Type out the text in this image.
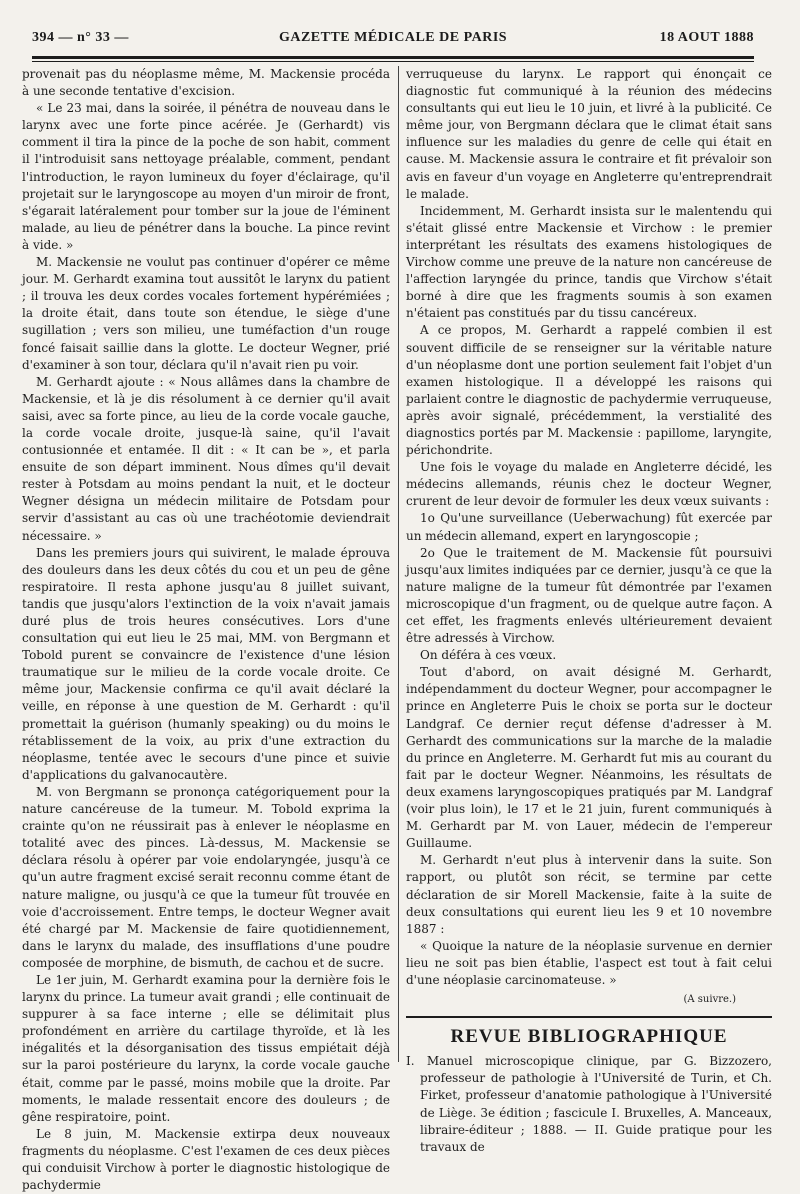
394 — n° 33 —	GAZETTE MÉDICALE DE PARIS	18 AOUT 1888

provenait pas du néoplasme même, M. Mackensie procéda à une seconde tentative d'excision.

« Le 23 mai, dans la soirée, il pénétra de nouveau dans le larynx avec une forte pince acérée. Je (Gerhardt) vis comment il tira la pince de la poche de son habit, comment il l'introduisit sans nettoyage préalable, comment, pendant l'introduction, le rayon lumineux du foyer d'éclairage, qu'il projetait sur le laryngoscope au moyen d'un miroir de front, s'égarait latéralement pour tomber sur la joue de l'éminent malade, au lieu de pénétrer dans la bouche. La pince revint à vide. »

M. Mackensie ne voulut pas continuer d'opérer ce même jour. M. Gerhardt examina tout aussitôt le larynx du patient ; il trouva les deux cordes vocales fortement hypérémiées ; la droite était, dans toute son étendue, le siège d'une sugillation ; vers son milieu, une tuméfaction d'un rouge foncé faisait saillie dans la glotte. Le docteur Wegner, prié d'examiner à son tour, déclara qu'il n'avait rien pu voir.

M. Gerhardt ajoute : « Nous allâmes dans la chambre de Mackensie, et là je dis résolument à ce dernier qu'il avait saisi, avec sa forte pince, au lieu de la corde vocale gauche, la corde vocale droite, jusque-là saine, qu'il l'avait contusionnée et entamée. Il dit : « It can be », et parla ensuite de son départ imminent. Nous dîmes qu'il devait rester à Potsdam au moins pendant la nuit, et le docteur Wegner désigna un médecin militaire de Potsdam pour servir d'assistant au cas où une trachéotomie deviendrait nécessaire. »

Dans les premiers jours qui suivirent, le malade éprouva des douleurs dans les deux côtés du cou et un peu de gêne respiratoire. Il resta aphone jusqu'au 8 juillet suivant, tandis que jusqu'alors l'extinction de la voix n'avait jamais duré plus de trois heures consécutives. Lors d'une consultation qui eut lieu le 25 mai, MM. von Bergmann et Tobold purent se convaincre de l'existence d'une lésion traumatique sur le milieu de la corde vocale droite. Ce même jour, Mackensie confirma ce qu'il avait déclaré la veille, en réponse à une question de M. Gerhardt : qu'il promettait la guérison (humanly speaking) ou du moins le rétablissement de la voix, au prix d'une extraction du néoplasme, tentée avec le secours d'une pince et suivie d'applications du galvanocautère.

M. von Bergmann se prononça catégoriquement pour la nature cancéreuse de la tumeur. M. Tobold exprima la crainte qu'on ne réussirait pas à enlever le néoplasme en totalité avec des pinces. Là-dessus, M. Mackensie se déclara résolu à opérer par voie endolaryngée, jusqu'à ce qu'un autre fragment excisé serait reconnu comme étant de nature maligne, ou jusqu'à ce que la tumeur fût trouvée en voie d'accroissement. Entre temps, le docteur Wegner avait été chargé par M. Mackensie de faire quotidiennement, dans le larynx du malade, des insufflations d'une poudre composée de morphine, de bismuth, de cachou et de sucre.

Le 1er juin, M. Gerhardt examina pour la dernière fois le larynx du prince. La tumeur avait grandi ; elle continuait de suppurer à sa face interne ; elle se délimitait plus profondément en arrière du cartilage thyroïde, et là les inégalités et la désorganisation des tissus empiétait déjà sur la paroi postérieure du larynx, la corde vocale gauche était, comme par le passé, moins mobile que la droite. Par moments, le malade ressentait encore des douleurs ; de gêne respiratoire, point.

Le 8 juin, M. Mackensie extirpa deux nouveaux fragments du néoplasme. C'est l'examen de ces deux pièces qui conduisit Virchow à porter le diagnostic histologique de pachydermie

verruqueuse du larynx. Le rapport qui énonçait ce diagnostic fut communiqué à la réunion des médecins consultants qui eut lieu le 10 juin, et livré à la publicité. Ce même jour, von Bergmann déclara que le climat était sans influence sur les maladies du genre de celle qui était en cause. M. Mackensie assura le contraire et fit prévaloir son avis en faveur d'un voyage en Angleterre qu'entreprendrait le malade.

Incidemment, M. Gerhardt insista sur le malentendu qui s'était glissé entre Mackensie et Virchow : le premier interprétant les résultats des examens histologiques de Virchow comme une preuve de la nature non cancéreuse de l'affection laryngée du prince, tandis que Virchow s'était borné à dire que les fragments soumis à son examen n'étaient pas constitués par du tissu cancéreux.

A ce propos, M. Gerhardt a rappelé combien il est souvent difficile de se renseigner sur la véritable nature d'un néoplasme dont une portion seulement fait l'objet d'un examen histologique. Il a développé les raisons qui parlaient contre le diagnostic de pachydermie verruqueuse, après avoir signalé, précédemment, la verstialité des diagnostics portés par M. Mackensie : papillome, laryngite, périchondrite.

Une fois le voyage du malade en Angleterre décidé, les médecins allemands, réunis chez le docteur Wegner, crurent de leur devoir de formuler les deux vœux suivants :

1o Qu'une surveillance (Ueberwachung) fût exercée par un médecin allemand, expert en laryngoscopie ;

2o Que le traitement de M. Mackensie fût poursuivi jusqu'aux limites indiquées par ce dernier, jusqu'à ce que la nature maligne de la tumeur fût démontrée par l'examen microscopique d'un fragment, ou de quelque autre façon. A cet effet, les fragments enlevés ultérieurement devaient être adressés à Virchow.

On déféra à ces vœux.

Tout d'abord, on avait désigné M. Gerhardt, indépendamment du docteur Wegner, pour accompagner le prince en Angleterre Puis le choix se porta sur le docteur Landgraf. Ce dernier reçut défense d'adresser à M. Gerhardt des communications sur la marche de la maladie du prince en Angleterre. M. Gerhardt fut mis au courant du fait par le docteur Wegner. Néanmoins, les résultats de deux examens laryngoscopiques pratiqués par M. Landgraf (voir plus loin), le 17 et le 21 juin, furent communiqués à M. Gerhardt par M. von Lauer, médecin de l'empereur Guillaume.

M. Gerhardt n'eut plus à intervenir dans la suite. Son rapport, ou plutôt son récit, se termine par cette déclaration de sir Morell Mackensie, faite à la suite de deux consultations qui eurent lieu les 9 et 10 novembre 1887 :

« Quoique la nature de la néoplasie survenue en dernier lieu ne soit pas bien établie, l'aspect est tout à fait celui d'une néoplasie carcinomateuse. »

(A suivre.)
REVUE BIBLIOGRAPHIQUE

I. Manuel microscopique clinique, par G. Bizzozero, professeur de pathologie à l'Université de Turin, et Ch. Firket, professeur d'anatomie pathologique à l'Université de Liège. 3e édition ; fascicule I. Bruxelles, A. Manceaux, libraire-éditeur ; 1888. — II. Guide pratique pour les travaux de
